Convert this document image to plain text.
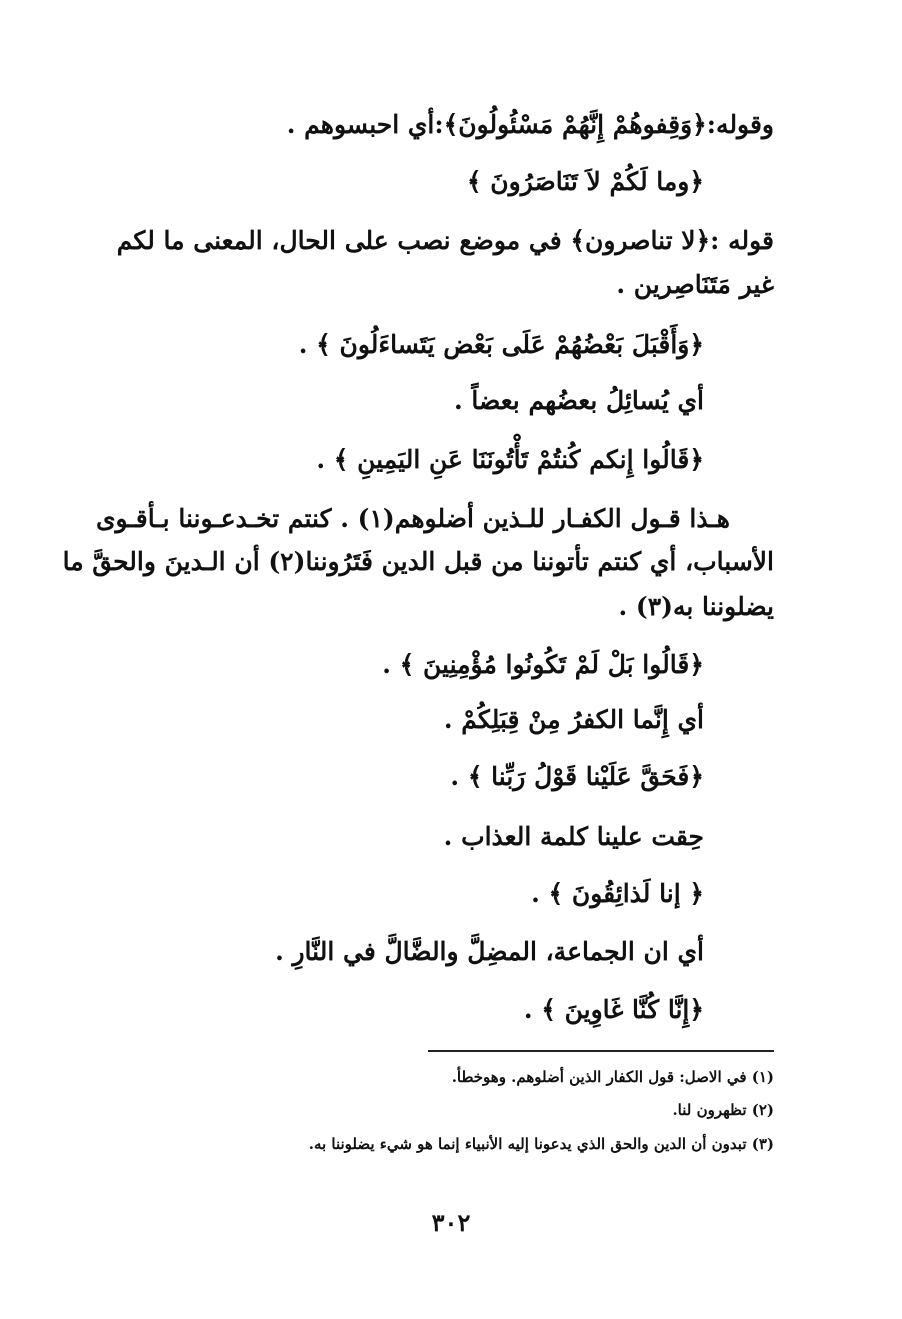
وقوله:﴿وَقِفوهُمْ إِنَّهُمْ مَسْئُولُونَ﴾:أي احبسوهم .
﴿وما لَكُمْ لاَ تَنَاصَرُونَ ﴾
قوله :﴿لا تناصرون﴾ في موضع نصب على الحال، المعنى ما لكم
غير مَتَنَاصِرين .
﴿وَأَقْبَلَ بَعْضُهُمْ عَلَى بَعْض يَتَساءَلُونَ ﴾ .
أي يُسائِلُ بعضُهم بعضاً .
﴿قَالُوا إِنكم كُنتُمْ تَأْتُونَنَا عَنِ اليَمِينِ ﴾ .
هـذا قـول الكفـار للـذين أضلوهم(١) . كنتم تخـدعـوننا بـأقـوى
الأسباب، أي كنتم تأتوننا من قبل الدين فَتَرُوننا(٢) أن الـدينَ والحقَّ ما
يضلوننا به(٣) .
﴿قَالُوا بَلْ لَمْ تَكُونُوا مُؤْمِنِينَ ﴾ .
أي إِنَّما الكفرُ مِنْ قِبَلِكُمْ .
﴿فَحَقَّ عَلَيْنا قَوْلُ رَبِّنا ﴾ .
حِقت علينا كلمة العذاب .
﴿ إنا لَذائِقُونَ ﴾ .
أي ان الجماعة، المضِلَّ والضَّالَّ في النَّارِ .
﴿إِنَّا كُنَّا غَاوِينَ ﴾ .
(١) في الاصل: قول الكفار الذين أضلوهم. وهوخطأ.
(٢) تظهرون لنا.
(٣) تبدون أن الدين والحق الذي يدعونا إليه الأنبياء إنما هو شيء يضلوننا به.
٣٠٢
